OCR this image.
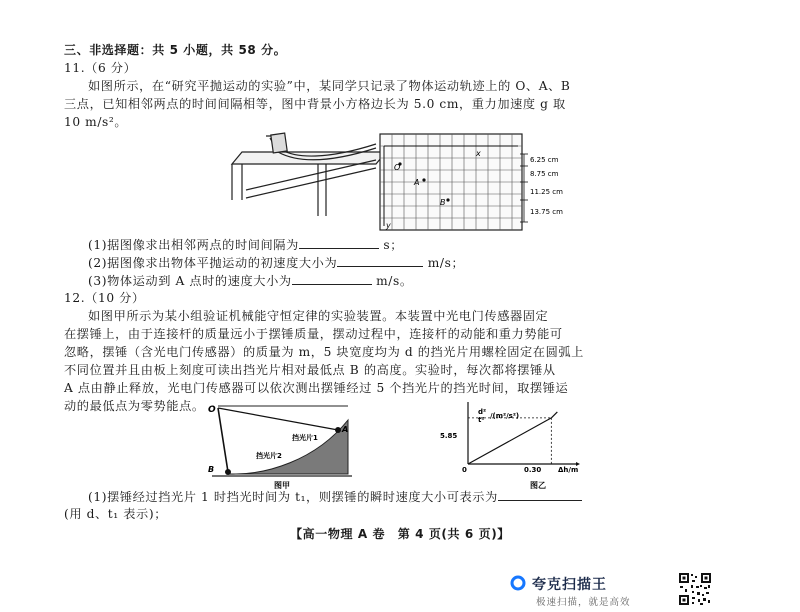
三、非选择题：共 5 小题，共 58 分。
11.（6 分）
如图所示，在“研究平抛运动的实验”中，某同学只记录了物体运动轨迹上的 O、A、B
三点，已知相邻两点的时间间隔相等，图中背景小方格边长为 5.0 cm，重力加速度 g 取
10 m/s²。
x
y
O
A
B
6.25 cm
8.75 cm
11.25 cm
13.75 cm
(1)据图像求出相邻两点的时间间隔为	s；
(2)据图像求出物体平抛运动的初速度大小为	m/s；
(3)物体运动到 A 点时的速度大小为	m/s。
12.（10 分）
如图甲所示为某小组验证机械能守恒定律的实验装置。本装置中光电门传感器固定
在摆锤上，由于连接杆的质量远小于摆锤质量，摆动过程中，连接杆的动能和重力势能可
忽略，摆锤（含光电门传感器）的质量为 m，5 块宽度均为 d 的挡光片用螺栓固定在圆弧上
不同位置并且由板上刻度可读出挡光片相对最低点 B 的高度。实验时，每次都将摆锤从
A 点由静止释放，光电门传感器可以依次测出摆锤经过 5 个挡光片的挡光时间，取摆锤运
动的最低点为零势能点。 O
A
B
挡光片1
挡光片2
图甲
d²
t² /(m²/s²)
Δh/m
0
5.85
0.30
图乙
(1)摆锤经过挡光片 1 时挡光时间为 t₁，则摆锤的瞬时速度大小可表示为
(用 d、t₁ 表示)；
【高一物理 A 卷　第 4 页(共 6 页)】
夸克扫描王
极速扫描，就是高效
